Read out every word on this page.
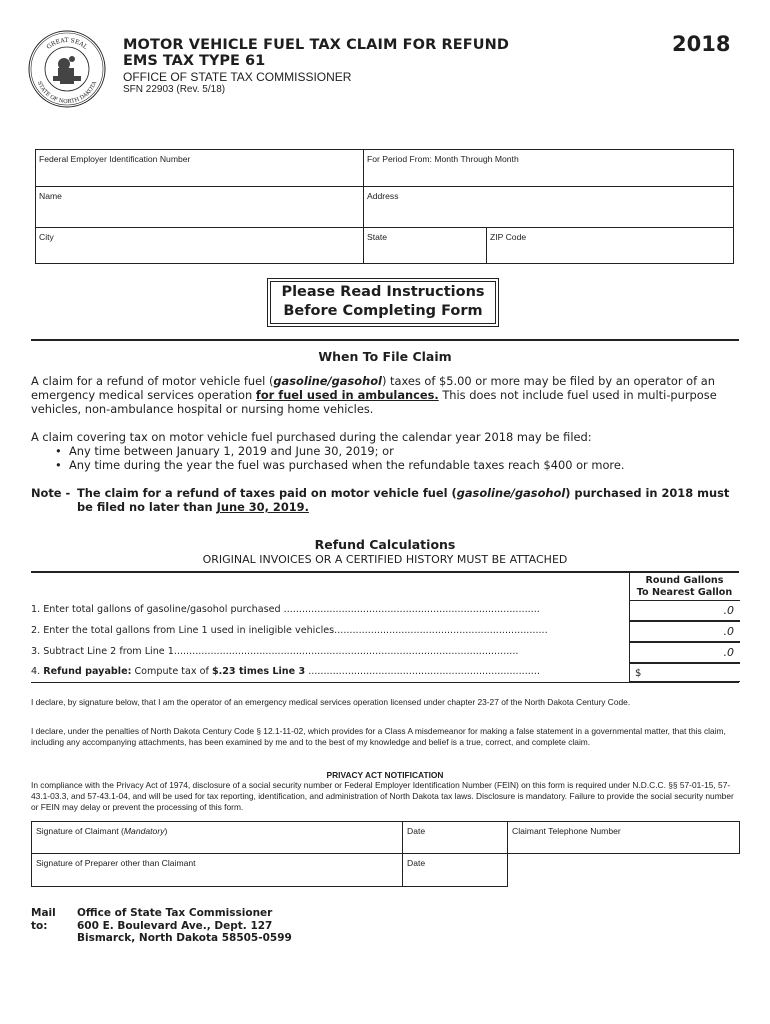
GREAT SEAL
STATE OF NORTH DAKOTA
MOTOR VEHICLE FUEL TAX CLAIM FOR REFUND
EMS TAX TYPE 61
OFFICE OF STATE TAX COMMISSIONER
SFN 22903 (Rev. 5/18)
2018
Federal Employer Identification Number	For Period From: Month Through Month
Name	Address
City	State	ZIP Code
Please Read Instructions
Before Completing Form
When To File Claim
A claim for a refund of motor vehicle fuel (gasoline/gasohol) taxes of $5.00 or more may be filed by an operator of an emergency medical services operation for fuel used in ambulances. This does not include fuel used in multi-purpose vehicles, non-ambulance hospital or nursing home vehicles.
A claim covering tax on motor vehicle fuel purchased during the calendar year 2018 may be filed:
•  Any time between January 1, 2019 and June 30, 2019; or
•  Any time during the year the fuel was purchased when the refundable taxes reach $400 or more.
Note - The claim for a refund of taxes paid on motor vehicle fuel (gasoline/gasohol) purchased in 2018 must be filed no later than June 30, 2019.
Refund Calculations
ORIGINAL INVOICES OR A CERTIFIED HISTORY MUST BE ATTACHED
Round Gallons
To Nearest Gallon
1. Enter total gallons of gasoline/gasohol purchased ....................................................................................	.0
2. Enter the total gallons from Line 1 used in ineligible vehicles......................................................................	.0
3. Subtract Line 2 from Line 1.................................................................................................................	.0
4. Refund payable: Compute tax of $.23 times Line 3 ............................................................................	$
I declare, by signature below, that I am the operator of an emergency medical services operation licensed under chapter 23-27 of the North Dakota Century Code.
I declare, under the penalties of North Dakota Century Code § 12.1-11-02, which provides for a Class A misdemeanor for making a false statement in a governmental matter, that this claim, including any accompanying attachments, has been examined by me and to the best of my knowledge and belief is a true, correct, and complete claim.
PRIVACY ACT NOTIFICATION
In compliance with the Privacy Act of 1974, disclosure of a social security number or Federal Employer Identification Number (FEIN) on this form is required under N.D.C.C. §§ 57-01-15, 57-43.1-03.3, and 57-43.1-04, and will be used for tax reporting, identification, and administration of North Dakota tax laws. Disclosure is mandatory. Failure to provide the social security number or FEIN may delay or prevent the processing of this form.
Signature of Claimant (Mandatory)	Date	Claimant Telephone Number
Signature of Preparer other than Claimant	Date
Mail to:
Office of State Tax Commissioner
600 E. Boulevard Ave., Dept. 127
Bismarck, North Dakota 58505-0599
